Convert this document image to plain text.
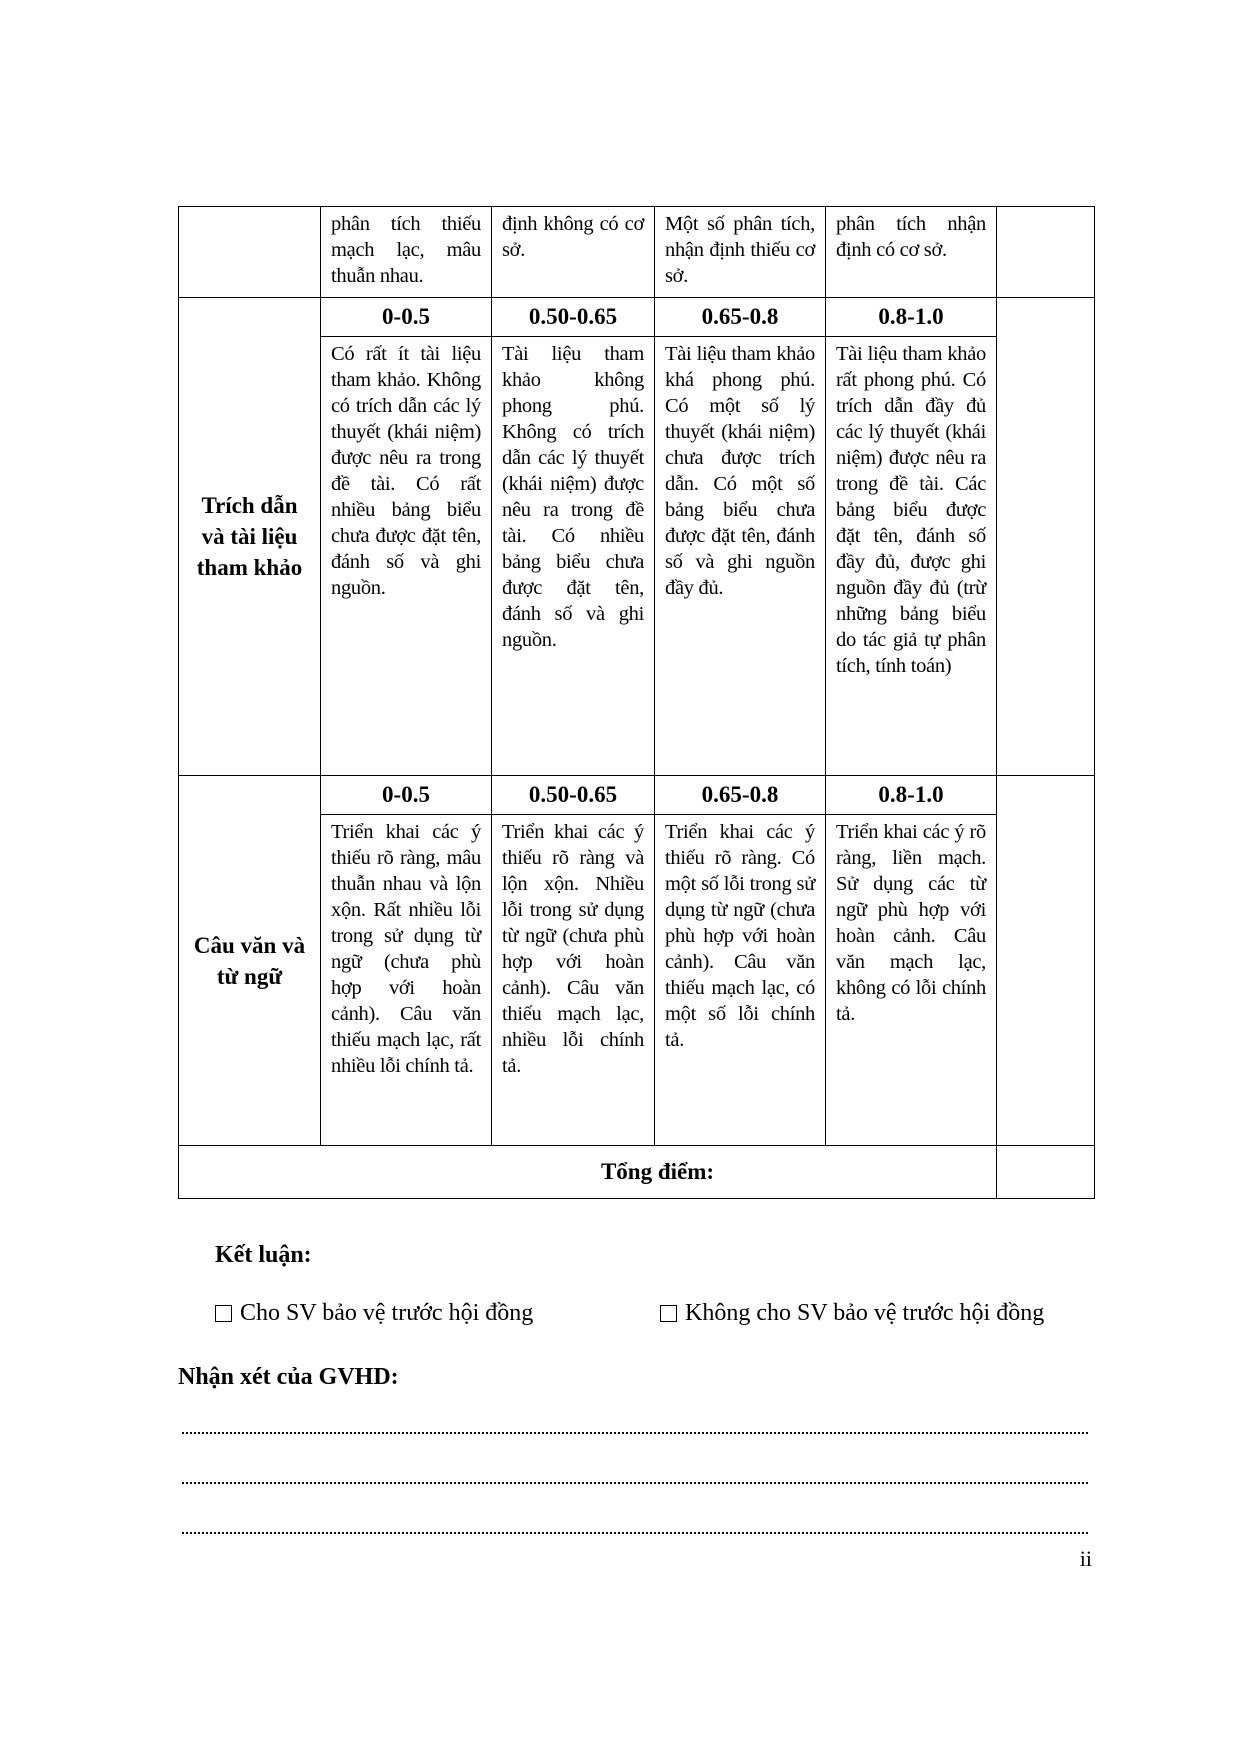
	phân tích thiếu mạch lạc, mâu thuẫn nhau.	định không có cơ sở.	Một số phân tích, nhận định thiếu cơ sở.	phân tích nhận định có cơ sở.	
Trích dẫn và tài liệu tham khảo	0-0.5	0.50-0.65	0.65-0.8	0.8-1.0	
	Có rất ít tài liệu tham khảo. Không có trích dẫn các lý thuyết (khái niệm) được nêu ra trong đề tài. Có rất nhiều bảng biểu chưa được đặt tên, đánh số và ghi nguồn.	Tài liệu tham khảo không phong phú. Không có trích dẫn các lý thuyết (khái niệm) được nêu ra trong đề tài. Có nhiều bảng biểu chưa được đặt tên, đánh số và ghi nguồn.	Tài liệu tham khảo khá phong phú. Có một số lý thuyết (khái niệm) chưa được trích dẫn. Có một số bảng biểu chưa được đặt tên, đánh số và ghi nguồn đầy đủ.	Tài liệu tham khảo rất phong phú. Có trích dẫn đầy đủ các lý thuyết (khái niệm) được nêu ra trong đề tài. Các bảng biểu được đặt tên, đánh số đầy đủ, được ghi nguồn đầy đủ (trừ những bảng biểu do tác giả tự phân tích, tính toán)	
Câu văn và từ ngữ	0-0.5	0.50-0.65	0.65-0.8	0.8-1.0	
	Triển khai các ý thiếu rõ ràng, mâu thuẫn nhau và lộn xộn. Rất nhiều lỗi trong sử dụng từ ngữ (chưa phù hợp với hoàn cảnh). Câu văn thiếu mạch lạc, rất nhiều lỗi chính tả.	Triển khai các ý thiếu rõ ràng và lộn xộn. Nhiều lỗi trong sử dụng từ ngữ (chưa phù hợp với hoàn cảnh). Câu văn thiếu mạch lạc, nhiều lỗi chính tả.	Triển khai các ý thiếu rõ ràng. Có một số lỗi trong sử dụng từ ngữ (chưa phù hợp với hoàn cảnh). Câu văn thiếu mạch lạc, có một số lỗi chính tả.	Triển khai các ý rõ ràng, liền mạch. Sử dụng các từ ngữ phù hợp với hoàn cảnh. Câu văn mạch lạc, không có lỗi chính tả.	
Tổng điểm:					
Kết luận:
Cho SV bảo vệ trước hội đồng	Không cho SV bảo vệ trước hội đồng
Nhận xét của GVHD:
ii
